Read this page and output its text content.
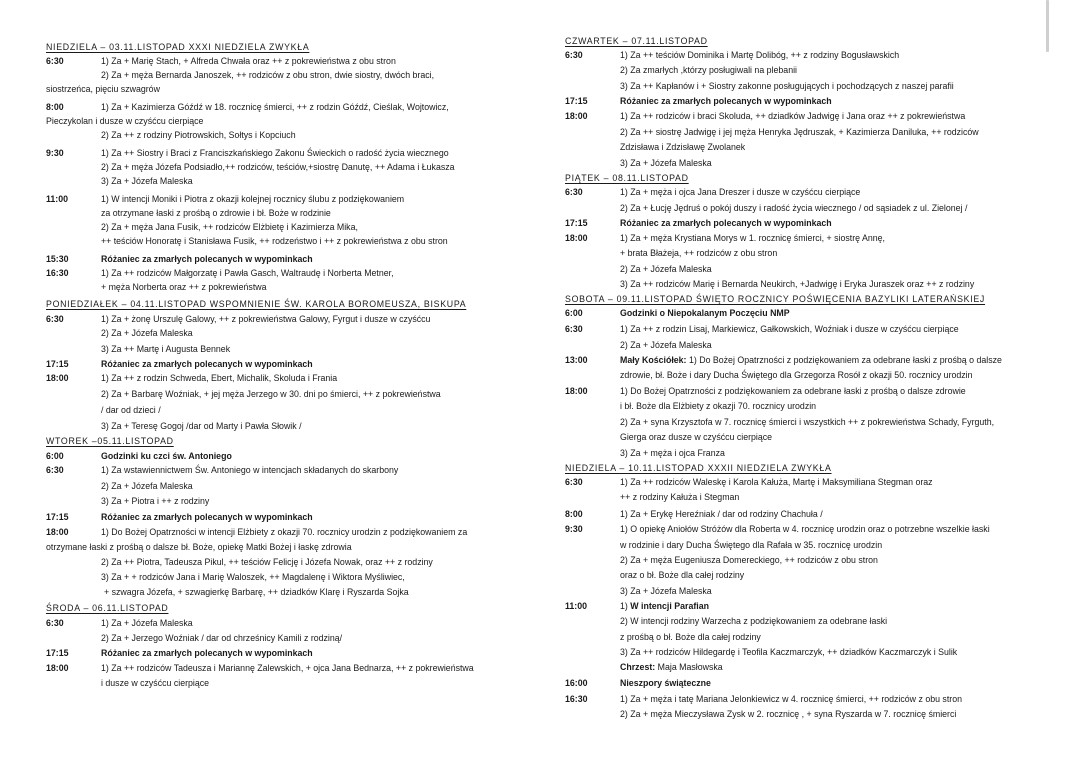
NIEDZIELA – 03.11.LISTOPAD XXXI NIEDZIELA ZWYKŁA
6:30	1) Za + Marię Stach, + Alfreda Chwała oraz ++ z pokrewieństwa z obu stron
2) Za + męża Bernarda Janoszek, ++ rodziców z obu stron, dwie siostry, dwóch braci,
siostrzeńca, pięciu szwagrów
8:00	1) Za + Kazimierza Góźdź w 18. rocznicę śmierci, ++ z rodzin Góźdź, Cieślak, Wojtowicz,
Pieczykolan i dusze w czyśćcu cierpiące
2) Za ++ z rodziny Piotrowskich, Sołtys i Kopciuch
9:30	1) Za ++ Siostry i Braci z Franciszkańskiego Zakonu Świeckich o radość życia wiecznego
2) Za + męża Józefa Podsiadło,++ rodziców, teściów,+siostrę Danutę, ++ Adama i Łukasza
3) Za + Józefa Maleska
11:00	1) W intencji Moniki i Piotra z okazji kolejnej rocznicy ślubu z podziękowaniem
za otrzymane łaski z prośbą o zdrowie i bł. Boże w rodzinie
2) Za + męża Jana Fusik, ++ rodziców Elżbietę i Kazimierza Mika,
++ teściów Honoratę i Stanisława Fusik, ++ rodzeństwo i ++ z pokrewieństwa z obu stron
15:30	Różaniec za zmarłych polecanych w wypominkach
16:30	1) Za ++ rodziców Małgorzatę i Pawła Gasch, Waltraudę i Norberta Metner,
+ męża Norberta oraz ++ z pokrewieństwa
PONIEDZIAŁEK – 04.11.LISTOPAD WSPOMNIENIE ŚW. KAROLA BOROMEUSZA, BISKUPA
6:30	1) Za + żonę Urszulę Galowy, ++ z pokrewieństwa Galowy, Fyrgut i dusze w czyśćcu
2) Za + Józefa Maleska
3) Za ++ Martę i Augusta Bennek
17:15	Różaniec za zmarłych polecanych w wypominkach
18:00	1) Za ++ z rodzin Schweda, Ebert, Michalik, Skoluda i Frania
2) Za + Barbarę Woźniak, + jej męża Jerzego w 30. dni po śmierci, ++ z pokrewieństwa
/ dar od dzieci /
3) Za + Teresę Gogoj /dar od Marty i Pawła Słowik /
WTOREK –05.11.LISTOPAD
6:00	Godzinki ku czci św. Antoniego
6:30	1) Za wstawiennictwem Św. Antoniego w intencjach składanych do skarbony
2) Za + Józefa Maleska
3) Za + Piotra i ++ z rodziny
17:15	Różaniec za zmarłych polecanych w wypominkach
18:00	1) Do Bożej Opatrzności w intencji Elżbiety z okazji 70. rocznicy urodzin z podziękowaniem za
otrzymane łaski z prośbą o dalsze bł. Boże, opiekę Matki Bożej i łaskę zdrowia
2) Za ++ Piotra, Tadeusza Pikul, ++ teściów Felicję i Józefa Nowak, oraz ++ z rodziny
3) Za + + rodziców Jana i Marię Waloszek, ++ Magdalenę i Wiktora Myśliwiec,
+ szwagra Józefa, + szwagierkę Barbarę, ++ dziadków Klarę i Ryszarda Sojka
ŚRODA – 06.11.LISTOPAD
6:30	1) Za + Józefa Maleska
2) Za + Jerzego Woźniak / dar od chrześnicy Kamili z rodziną/
17:15	Różaniec za zmarłych polecanych w wypominkach
18:00	1) Za ++ rodziców Tadeusza i Mariannę Zalewskich, + ojca Jana Bednarza, ++ z pokrewieństwa
i dusze w czyśćcu cierpiące
CZWARTEK – 07.11.LISTOPAD
6:30	1) Za ++ teściów Dominika i Martę Dolibóg, ++ z rodziny Bogusławskich
2) Za zmarłych ,którzy posługiwali na plebanii
3) Za ++ Kapłanów i + Siostry zakonne posługujących i pochodzących z naszej parafii
17:15	Różaniec za zmarłych polecanych w wypominkach
18:00	1) Za ++ rodziców i braci Skoluda, ++ dziadków Jadwigę i Jana oraz ++ z pokrewieństwa
2) Za ++ siostrę Jadwigę i jej męża Henryka Jędruszak, + Kazimierza Daniluka, ++ rodziców
Zdzisława i Zdzisławę Zwolanek
3) Za + Józefa Maleska
PIĄTEK – 08.11.LISTOPAD
6:30	1) Za + męża i ojca Jana Dreszer i dusze w czyśćcu cierpiące
2) Za + Łucję Jędruś o pokój duszy i radość życia wiecznego / od sąsiadek z ul. Zielonej /
17:15	Różaniec za zmarłych polecanych w wypominkach
18:00	1) Za + męża Krystiana Morys w 1. rocznicę śmierci, + siostrę Annę,
+ brata Błażeja, ++ rodziców z obu stron
2) Za + Józefa Maleska
3) Za ++ rodziców Marię i Bernarda Neukirch, +Jadwigę i Eryka Juraszek oraz ++ z rodziny
SOBOTA – 09.11.LISTOPAD ŚWIĘTO ROCZNICY POŚWIĘCENIA BAZYLIKI LATERAŃSKIEJ
6:00	Godzinki o Niepokalanym Poczęciu NMP
6:30	1) Za ++ z rodzin Lisaj, Markiewicz, Gałkowskich, Woźniak i dusze w czyśćcu cierpiące
2) Za + Józefa Maleska
13:00	Mały Kościółek: 1) Do Bożej Opatrzności z podziękowaniem za odebrane łaski z prośbą o dalsze
zdrowie, bł. Boże i dary Ducha Świętego dla Grzegorza Rosół z okazji 50. rocznicy urodzin
18:00	1) Do Bożej Opatrzności z podziękowaniem za odebrane łaski z prośbą o dalsze zdrowie
i bł. Boże dla Elżbiety z okazji 70. rocznicy urodzin
2) Za + syna Krzysztofa w 7. rocznicę śmierci i wszystkich ++ z pokrewieństwa Schady, Fyrguth,
Gierga oraz dusze w czyśćcu cierpiące
3) Za + męża i ojca Franza
NIEDZIELA – 10.11.LISTOPAD XXXII NIEDZIELA ZWYKŁA
6:30	1) Za ++ rodziców Waleskę i Karola Kałuża, Martę i Maksymiliana Stegman oraz
++ z rodziny Kałuża i Stegman
8:00	1) Za + Erykę Hereźniak / dar od rodziny Chachuła /
9:30	1) O opiekę Aniołów Stróżów dla Roberta w 4. rocznicę urodzin oraz o potrzebne wszelkie łaski
w rodzinie i dary Ducha Świętego dla Rafała w 35. rocznicę urodzin
2) Za + męża Eugeniusza Domereckiego, ++ rodziców z obu stron
oraz o bł. Boże dla całej rodziny
3) Za + Józefa Maleska
11:00	1) W intencji Parafian
2) W intencji rodziny Warzecha z podziękowaniem za odebrane łaski
z prośbą o bł. Boże dla całej rodziny
3) Za ++ rodziców Hildegardę i Teofila Kaczmarczyk, ++ dziadków Kaczmarczyk i Sulik
Chrzest: Maja Masłowska
16:00	Nieszpory świąteczne
16:30	1) Za + męża i tatę Mariana Jelonkiewicz w 4. rocznicę śmierci, ++ rodziców z obu stron
2) Za + męża Mieczysława Zysk w 2. rocznicę , + syna Ryszarda w 7. rocznicę śmierci
